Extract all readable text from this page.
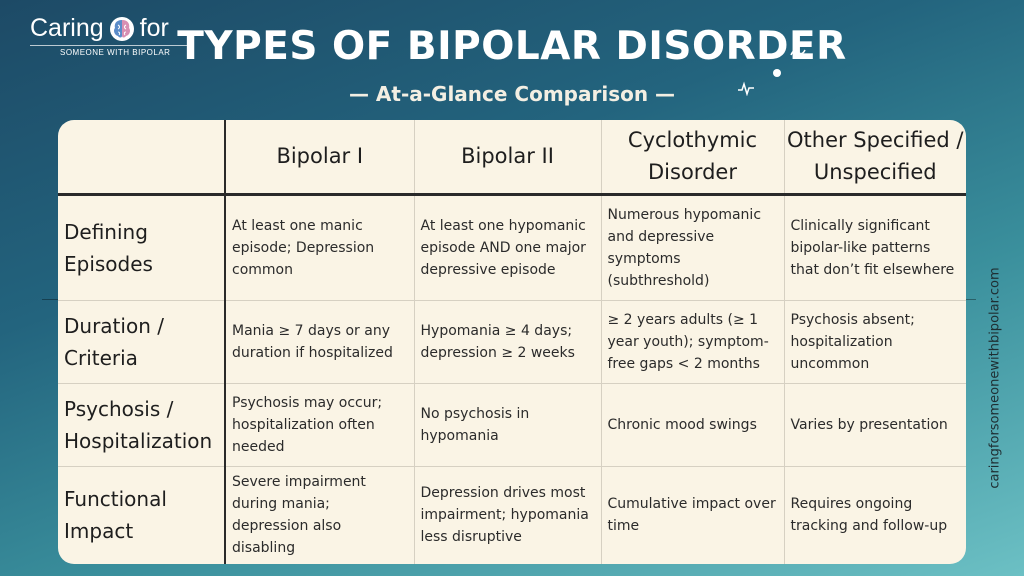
Caring for
SOMEONE WITH BIPOLAR TYPES OF BIPOLAR DISORDER
— At-a-Glance Comparison —
	Bipolar I	Bipolar II	Cyclothymic Disorder	Other Specified / Unspecified
Defining Episodes	At least one manic episode; Depression common	At least one hypomanic episode AND one major depressive episode	Numerous hypomanic and depressive symptoms (subthreshold)	Clinically significant bipolar-like patterns that don’t fit elsewhere
Duration / Criteria	Mania ≥ 7 days or any duration if hospitalized	Hypomania ≥ 4 days; depression ≥ 2 weeks	≥ 2 years adults (≥ 1 year youth); symptom-free gaps < 2 months	Psychosis absent; hospitalization uncommon
Psychosis / Hospitalization	Psychosis may occur; hospitalization often needed	No psychosis in hypomania	Chronic mood swings	Varies by presentation
Functional Impact	Severe impairment during mania; depression also disabling	Depression drives most impairment; hypomania less disruptive	Cumulative impact over time	Requires ongoing tracking and follow-up
caringforsomeonewithbipolar.com
